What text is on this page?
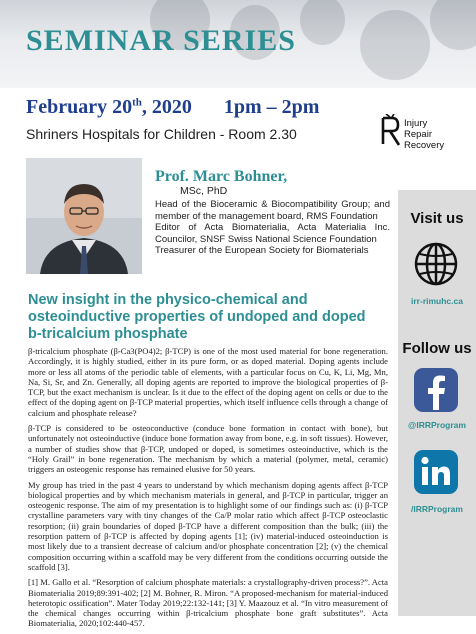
SEMINAR SERIES
February 20th, 2020 1pm – 2pm
Shriners Hospitals for Children - Room 2.30
Injury
Repair
Recovery
Prof. Marc Bohner,
MSc, PhD

Head of the Bioceramic & Biocompatibility Group; and member of the management board, RMS Foundation

Editor of Acta Biomaterialia, Acta Materialia Inc. Councilor, SNSF Swiss National Science Foundation

Treasurer of the European Society for Biomaterials

New insight in the physico-chemical and osteoinductive properties of undoped and doped b-tricalcium phosphate

β-tricalcium phosphate (β-Ca3(PO4)2; β-TCP) is one of the most used material for bone regeneration. Accordingly, it is highly studied, either in its pure form, or as doped material. Doping agents include more or less all atoms of the periodic table of elements, with a particular focus on Cu, K, Li, Mg, Mn, Na, Si, Sr, and Zn. Generally, all doping agents are reported to improve the biological properties of β-TCP, but the exact mechanism is unclear. Is it due to the effect of the doping agent on cells or due to the effect of the doping agent on β-TCP material properties, which itself influence cells through a change of calcium and phosphate release?

β-TCP is considered to be osteoconductive (conduce bone formation in contact with bone), but unfortunately not osteoinductive (induce bone formation away from bone, e.g. in soft tissues). However, a number of studies show that β-TCP, undoped or doped, is sometimes osteoinductive, which is the “Holy Grail” in bone regeneration. The mechanism by which a material (polymer, metal, ceramic) triggers an osteogenic response has remained elusive for 50 years.

My group has tried in the past 4 years to understand by which mechanism doping agents affect β-TCP biological properties and by which mechanism materials in general, and β-TCP in particular, trigger an osteogenic response. The aim of my presentation is to highlight some of our findings such as: (i) β-TCP crystalline parameters vary with tiny changes of the Ca/P molar ratio which affect β-TCP osteoclastic resorption; (ii) grain boundaries of doped β-TCP have a different composition than the bulk; (iii) the resorption pattern of β-TCP is affected by doping agents [1]; (iv) material-induced osteoinduction is most likely due to a transient decrease of calcium and/or phosphate concentration [2]; (v) the chemical composition occurring within a scaffold may be very different from the conditions occurring outside the scaffold [3].

[1] M. Gallo et al. “Resorption of calcium phosphate materials: a crystallography-driven process?”. Acta Biomaterialia 2019;89:391-402; [2] M. Bohner, R. Miron. “A proposed-mechanism for material-induced heterotopic ossification”. Mater Today 2019;22:132-141; [3] Y. Maazouz et al. “In vitro measurement of the chemical changes occurring within β-tricalcium phosphate bone graft substitutes”. Acta Biomaterialia, 2020;102:440-457.

Visit us
irr-rimuhc.ca
Follow us
@IRRProgram
/IRRProgram
